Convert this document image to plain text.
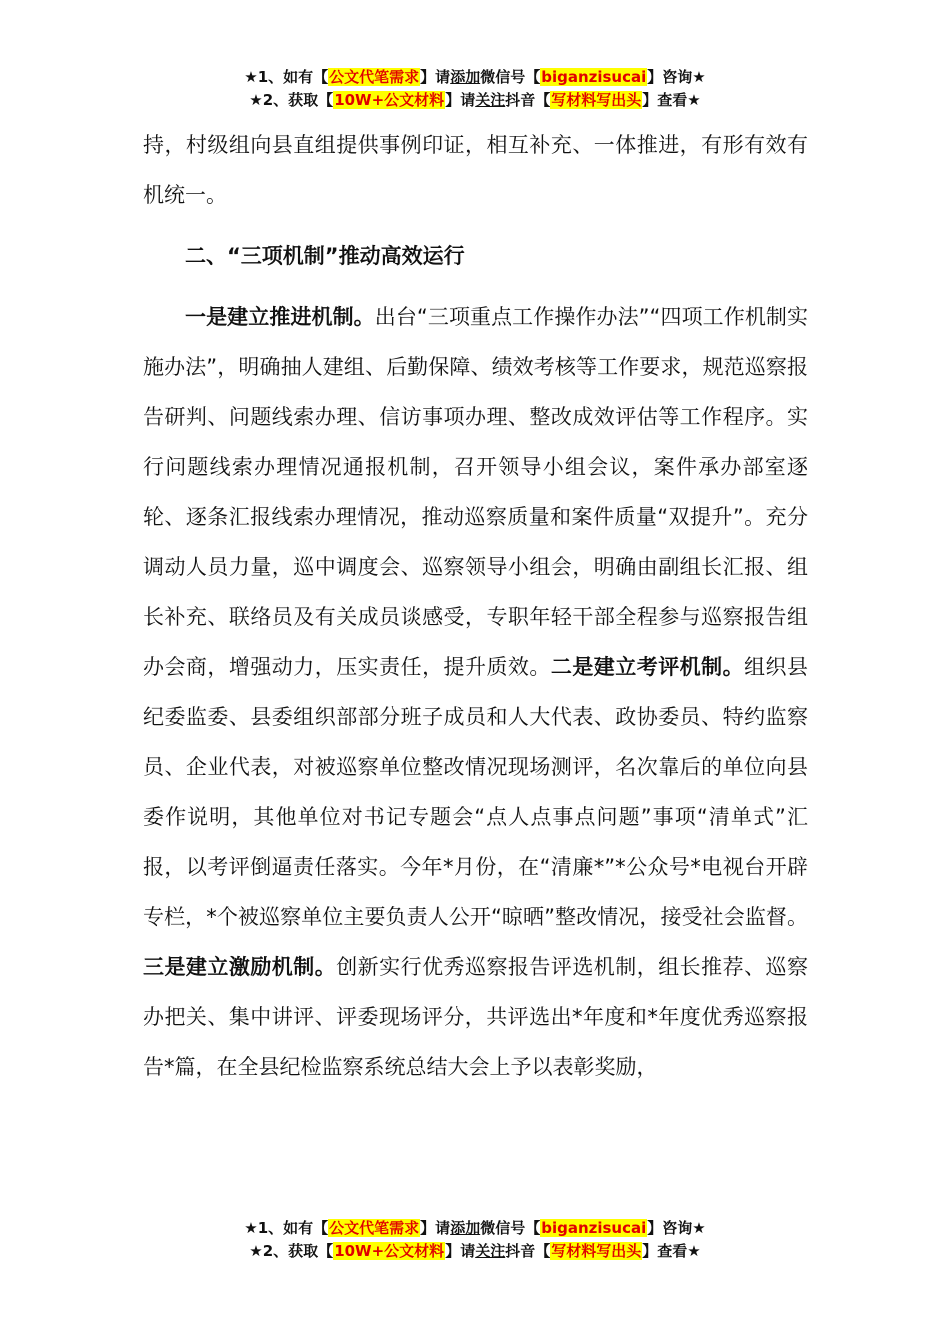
★1、如有【公文代笔需求】请添加微信号【biganzisucai】咨询★
★2、获取【10W+公文材料】请关注抖音【写材料写出头】查看★

持，村级组向县直组提供事例印证，相互补充、一体推进，有形有效有机统一。

二、“三项机制”推动高效运行

一是建立推进机制。出台“三项重点工作操作办法”“四项工作机制实施办法”，明确抽人建组、后勤保障、绩效考核等工作要求，规范巡察报告研判、问题线索办理、信访事项办理、整改成效评估等工作程序。实行问题线索办理情况通报机制，召开领导小组会议，案件承办部室逐轮、逐条汇报线索办理情况，推动巡察质量和案件质量“双提升”。充分调动人员力量，巡中调度会、巡察领导小组会，明确由副组长汇报、组长补充、联络员及有关成员谈感受，专职年轻干部全程参与巡察报告组办会商，增强动力，压实责任，提升质效。二是建立考评机制。组织县纪委监委、县委组织部部分班子成员和人大代表、政协委员、特约监察员、企业代表，对被巡察单位整改情况现场测评，名次靠后的单位向县委作说明，其他单位对书记专题会“点人点事点问题”事项“清单式”汇报，以考评倒逼责任落实。今年*月份，在“清廉*”*公众号*电视台开辟专栏，*个被巡察单位主要负责人公开“晾晒”整改情况，接受社会监督。三是建立激励机制。创新实行优秀巡察报告评选机制，组长推荐、巡察办把关、集中讲评、评委现场评分，共评选出*年度和*年度优秀巡察报告*篇，在全县纪检监察系统总结大会上予以表彰奖励，

★1、如有【公文代笔需求】请添加微信号【biganzisucai】咨询★
★2、获取【10W+公文材料】请关注抖音【写材料写出头】查看★
